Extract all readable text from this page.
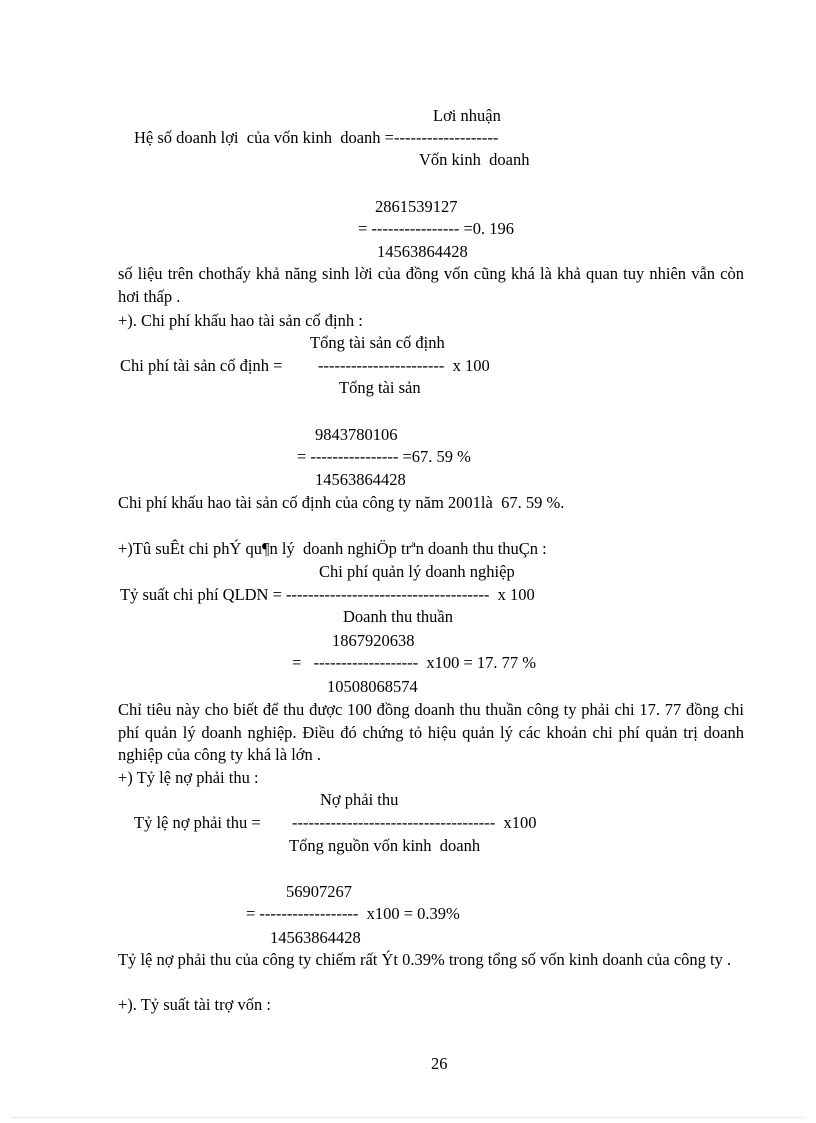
Lơi nhuận
Hệ số doanh lợi  của vốn kinh  doanh =-------------------
Vốn kinh  doanh
2861539127
= ---------------- =0. 196
14563864428
số liệu trên chothấy khả năng sinh lời của đồng vốn cũng khá là khả quan tuy nhiên vẫn còn hơi thấp .
+). Chi phí khấu hao tài sản cố định :
Tổng tài sản cố định
Chi phí tài sản cố định = -----------------------  x 100
Tổng tài sản
9843780106
= ---------------- =67. 59 %
14563864428
Chi phí khấu hao tài sản cố định của công ty năm 2001là  67. 59 %.
+)Tû suÊt chi phÝ qu¶n lý  doanh nghiÖp trªn doanh thu thuÇn :
Chi phí quản lý doanh nghiệp
Tỷ suất chi phí QLDN = -------------------------------------  x 100
Doanh thu thuần
1867920638
=   -------------------  x100 = 17. 77 %
10508068574
Chỉ tiêu này cho biết để thu được 100 đồng doanh thu thuần công ty phải chi 17. 77 đồng chi phí quản lý doanh nghiệp. Điều đó chứng tỏ hiệu quản lý các khoản chi phí quản trị doanh nghiệp của công ty khá là lớn .
+) Tỷ lệ nợ phải thu :
Nợ phải thu
Tỷ lệ nợ phải thu = -------------------------------------  x100
Tổng nguồn vốn kinh  doanh
56907267
= ------------------  x100 = 0.39%
14563864428
Tỷ lệ nợ phải thu của công ty chiếm rất Ýt 0.39% trong tổng số vốn kinh doanh của công ty .
+). Tỷ suất tài trợ vốn :
26
